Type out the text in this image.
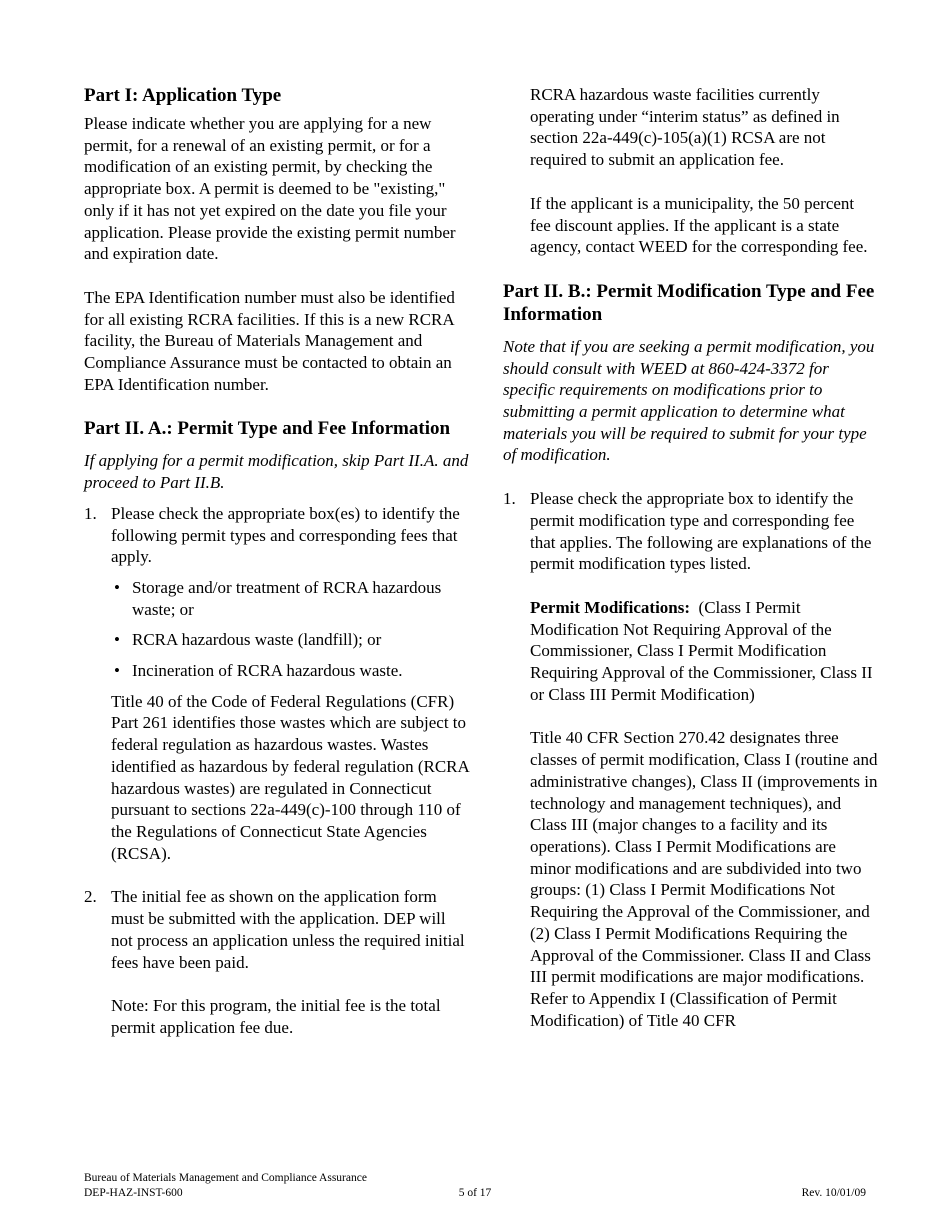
Part I: Application Type
Please indicate whether you are applying for a new permit, for a renewal of an existing permit, or for a modification of an existing permit, by checking the appropriate box. A permit is deemed to be "existing," only if it has not yet expired on the date you file your application. Please provide the existing permit number and expiration date.
The EPA Identification number must also be identified for all existing RCRA facilities. If this is a new RCRA facility, the Bureau of Materials Management and Compliance Assurance must be contacted to obtain an EPA Identification number.
Part II. A.: Permit Type and Fee Information
If applying for a permit modification, skip Part II.A. and proceed to Part II.B.
1. Please check the appropriate box(es) to identify the following permit types and corresponding fees that apply.
• Storage and/or treatment of RCRA hazardous waste; or
• RCRA hazardous waste (landfill); or
• Incineration of RCRA hazardous waste.
Title 40 of the Code of Federal Regulations (CFR) Part 261 identifies those wastes which are subject to federal regulation as hazardous wastes. Wastes identified as hazardous by federal regulation (RCRA hazardous wastes) are regulated in Connecticut pursuant to sections 22a-449(c)-100 through 110 of the Regulations of Connecticut State Agencies (RCSA).
2. The initial fee as shown on the application form must be submitted with the application. DEP will not process an application unless the required initial fees have been paid.
Note: For this program, the initial fee is the total permit application fee due.
RCRA hazardous waste facilities currently operating under “interim status” as defined in section 22a-449(c)-105(a)(1) RCSA are not required to submit an application fee.
If the applicant is a municipality, the 50 percent fee discount applies. If the applicant is a state agency, contact WEED for the corresponding fee.
Part II. B.: Permit Modification Type and Fee Information
Note that if you are seeking a permit modification, you should consult with WEED at 860-424-3372 for specific requirements on modifications prior to submitting a permit application to determine what materials you will be required to submit for your type of modification.
1. Please check the appropriate box to identify the permit modification type and corresponding fee that applies. The following are explanations of the permit modification types listed.
Permit Modifications: (Class I Permit Modification Not Requiring Approval of the Commissioner, Class I Permit Modification Requiring Approval of the Commissioner, Class II or Class III Permit Modification)
Title 40 CFR Section 270.42 designates three classes of permit modification, Class I (routine and administrative changes), Class II (improvements in technology and management techniques), and Class III (major changes to a facility and its operations). Class I Permit Modifications are minor modifications and are subdivided into two groups: (1) Class I Permit Modifications Not Requiring the Approval of the Commissioner, and (2) Class I Permit Modifications Requiring the Approval of the Commissioner. Class II and Class III permit modifications are major modifications. Refer to Appendix I (Classification of Permit Modification) of Title 40 CFR
Bureau of Materials Management and Compliance Assurance
DEP-HAZ-INST-600	5 of 17	Rev. 10/01/09
